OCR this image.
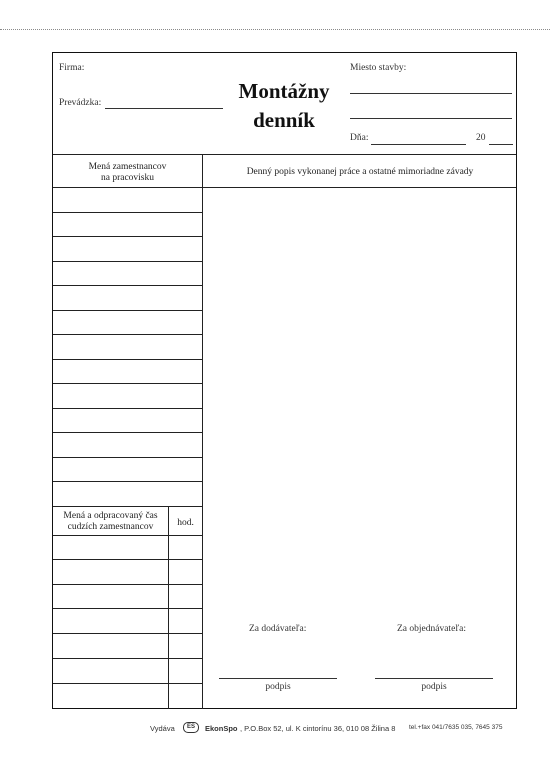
Firma:
Prevádzka:	Montážny
denník
Miesto stavby:
Dňa:	20
Mená zamestnancov
na pracovisku
Denný popis vykonanej práce a ostatné mimoriadne závady
Mená a odpracovaný čas
cudzích zamestnancov	hod.
Za dodávateľa:	Za objednávateľa:
podpis	podpis
Vydáva	ES	EkonSpo , P.O.Box 52, ul. K cintorínu 36, 010 08 Žilina 8 tel.+fax 041/7635 035, 7645 375
